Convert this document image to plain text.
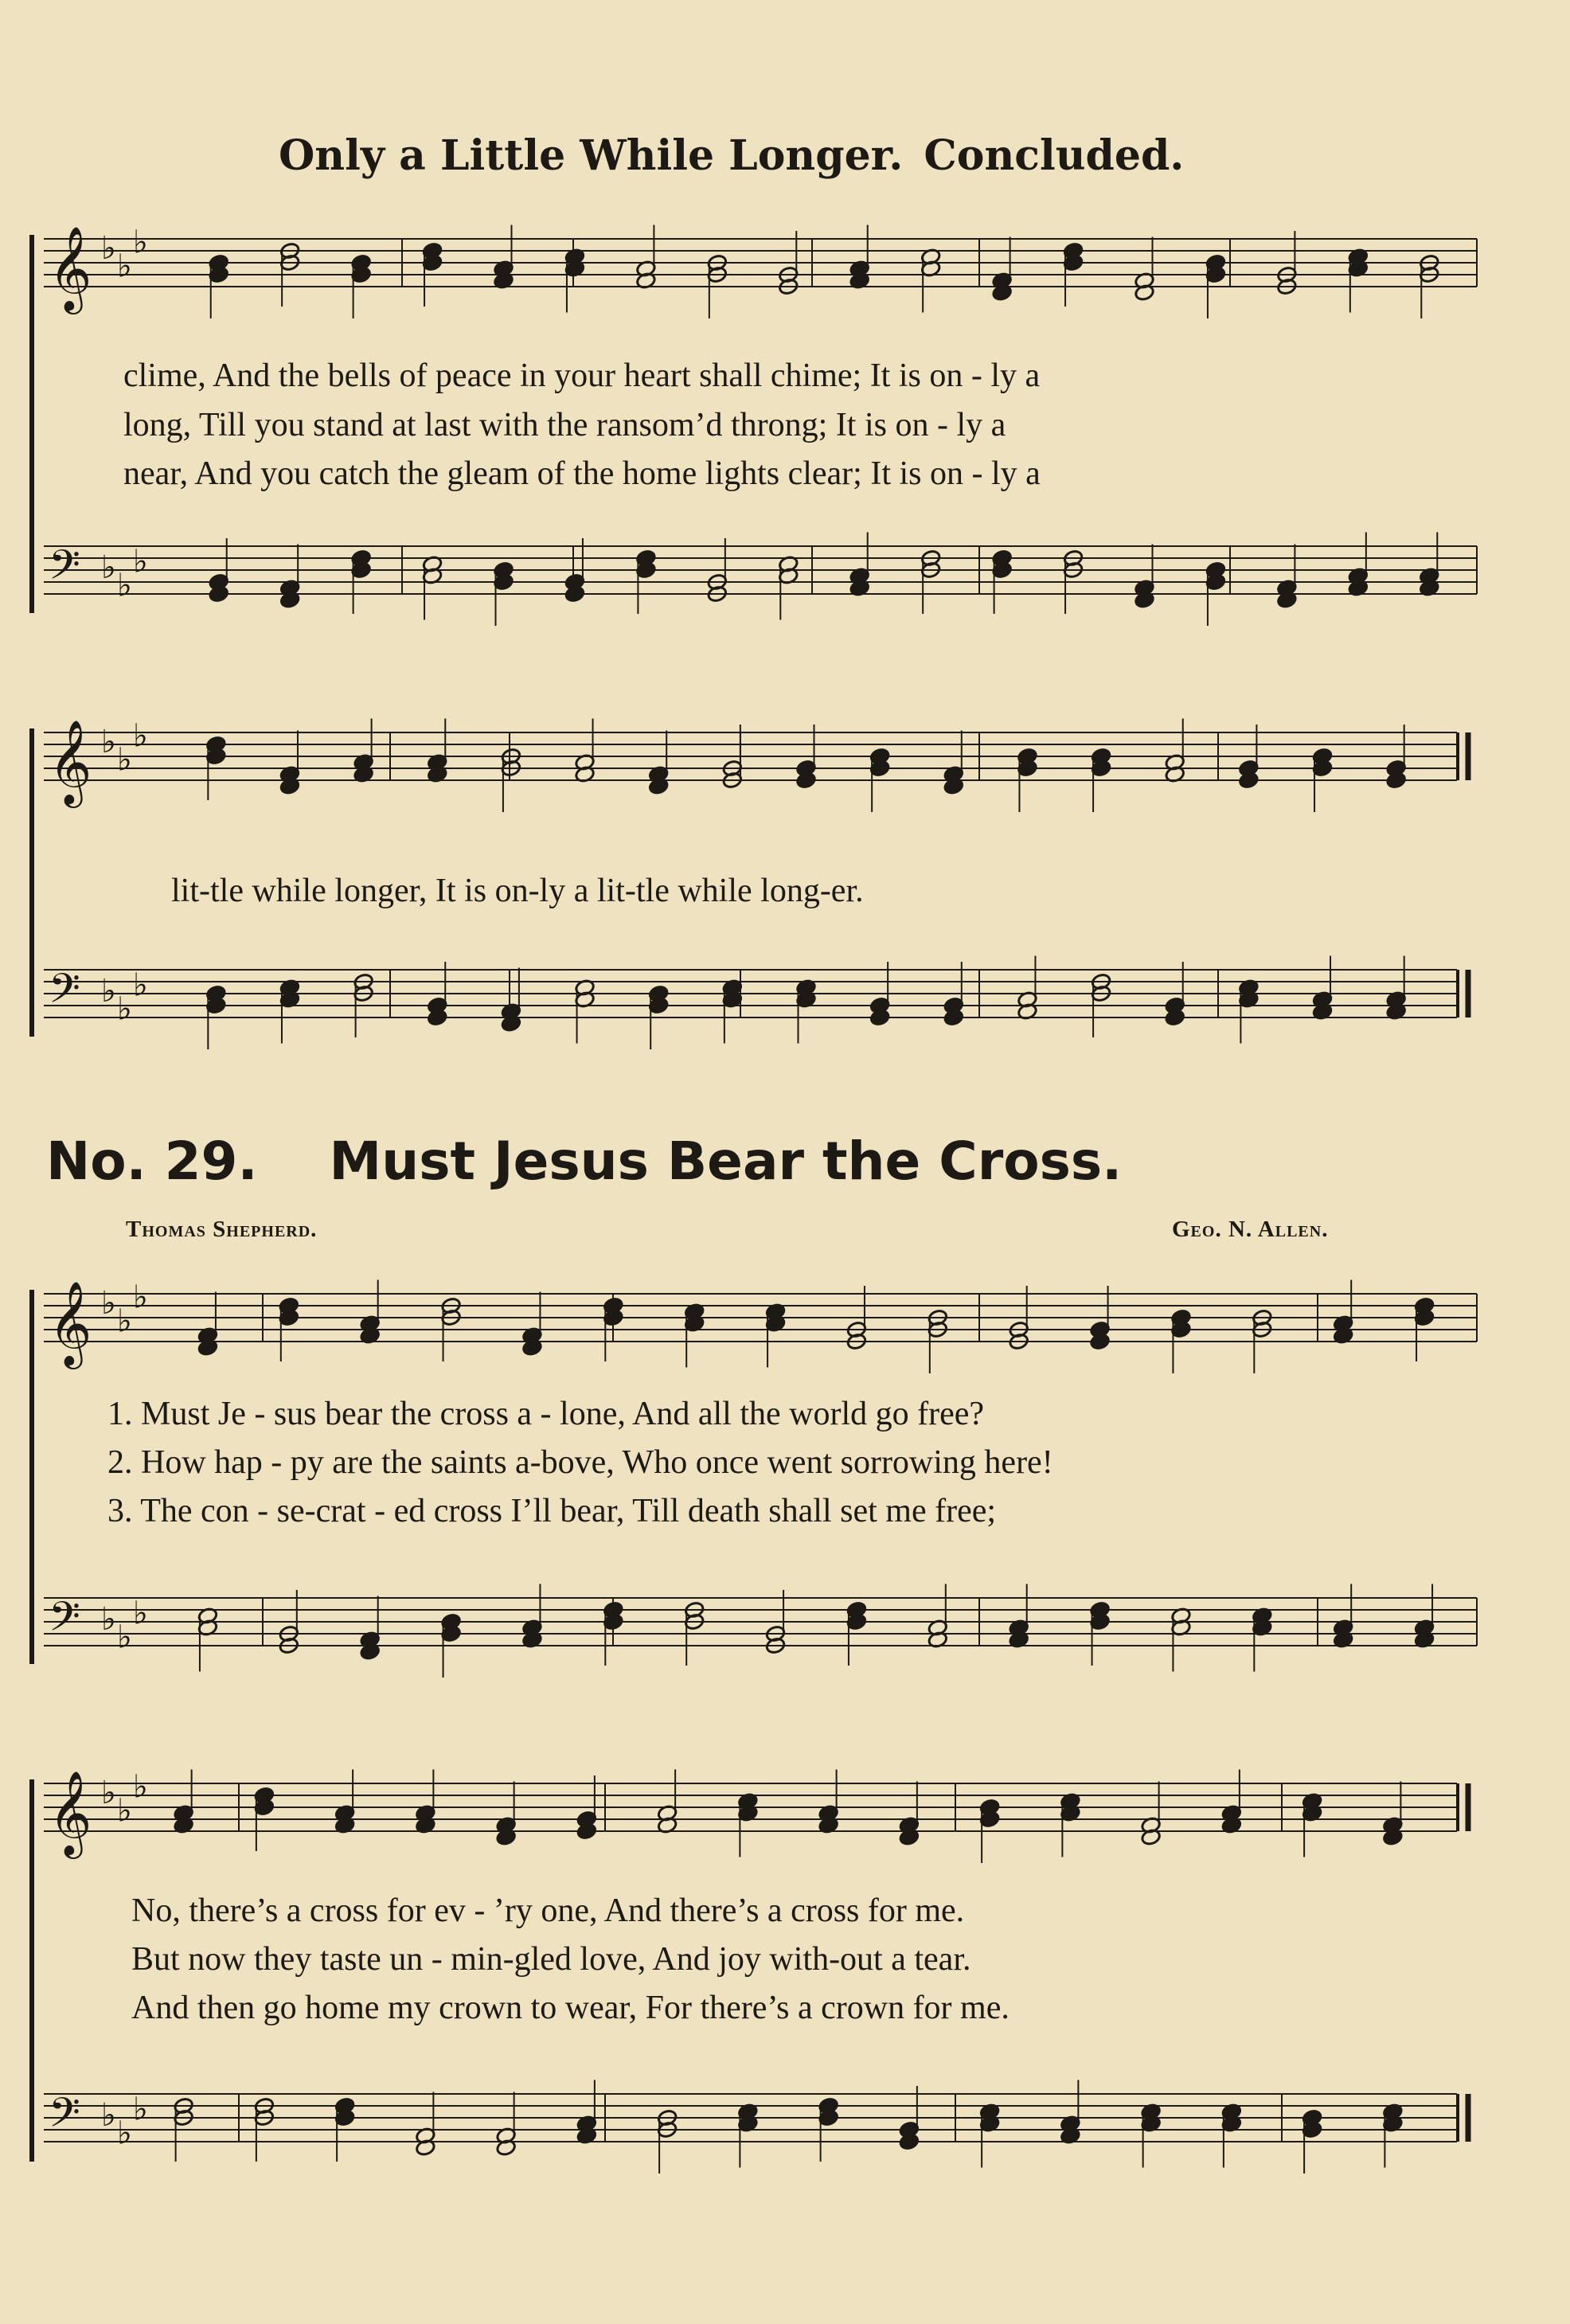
Only a Little While Longer. Concluded.
𝄞 ♭ ♭
♭
𝄢 ♭ ♭
♭
𝄞 ♭ ♭
♭
𝄢 ♭ ♭
♭
𝄞 ♭ ♭
♭
𝄢 ♭ ♭
♭
𝄞 ♭ ♭
♭
𝄢 ♭ ♭
♭
clime, And the bells of peace in your heart shall chime; It is on - ly a
long, Till you stand at last with the ransom’d throng; It is on - ly a
near, And you catch the gleam of the home lights clear; It is on - ly a
lit-tle while longer, It is on-ly a lit-tle while long-er.
No. 29. Must Jesus Bear the Cross.
Thomas Shepherd.	Geo. N. Allen.
1. Must Je - sus bear the cross a - lone, And all the world go free?
2. How hap - py are the saints a-bove, Who once went sorrowing here!
3. The con - se-crat - ed cross I’ll bear, Till death shall set me free;
No, there’s a cross for ev - ’ry one, And there’s a cross for me.
But now they taste un - min-gled love, And joy with-out a tear.
And then go home my crown to wear, For there’s a crown for me.
